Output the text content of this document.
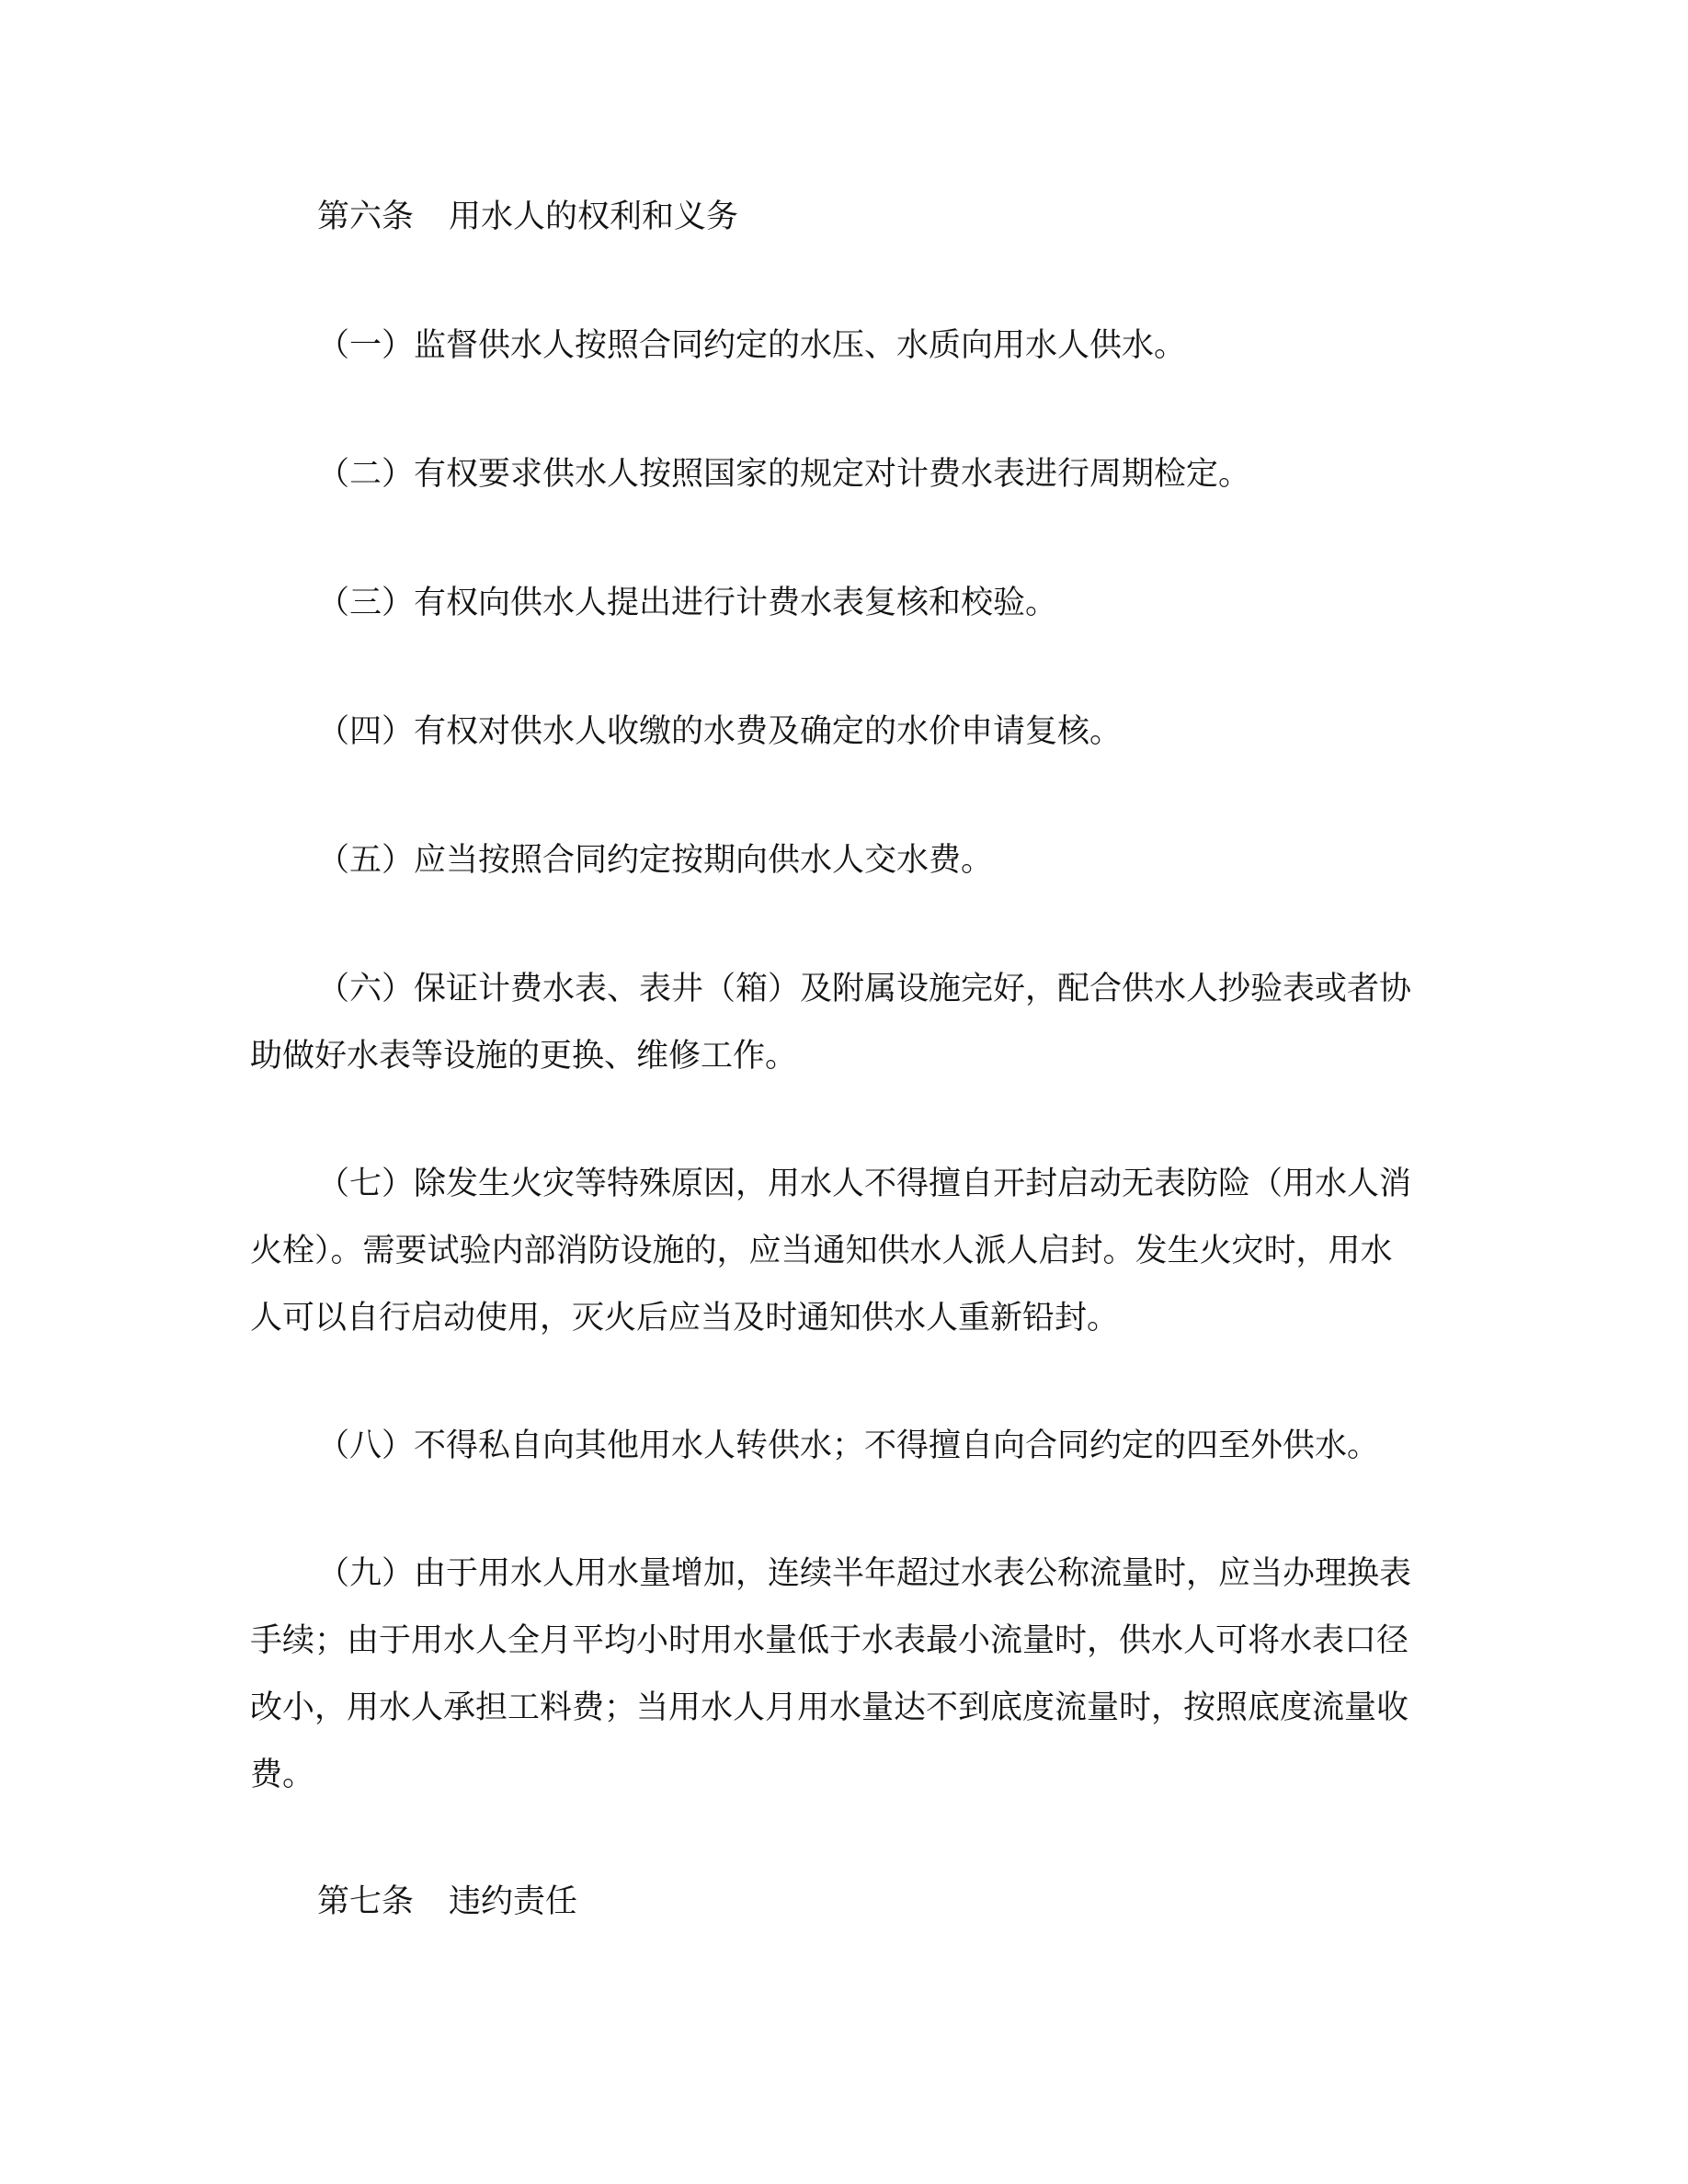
第六条 用水人的权利和义务
（一）监督供水人按照合同约定的水压、水质向用水人供水。
（二）有权要求供水人按照国家的规定对计费水表进行周期检定。
（三）有权向供水人提出进行计费水表复核和校验。
（四）有权对供水人收缴的水费及确定的水价申请复核。
（五）应当按照合同约定按期向供水人交水费。
（六）保证计费水表、表井（箱）及附属设施完好，配合供水人抄验表或者协
助做好水表等设施的更换、维修工作。
（七）除发生火灾等特殊原因，用水人不得擅自开封启动无表防险（用水人消
火栓）。需要试验内部消防设施的，应当通知供水人派人启封。发生火灾时，用水
人可以自行启动使用，灭火后应当及时通知供水人重新铅封。
（八）不得私自向其他用水人转供水；不得擅自向合同约定的四至外供水。
（九）由于用水人用水量增加，连续半年超过水表公称流量时，应当办理换表
手续；由于用水人全月平均小时用水量低于水表最小流量时，供水人可将水表口径
改小，用水人承担工料费；当用水人月用水量达不到底度流量时，按照底度流量收
费。
第七条 违约责任
